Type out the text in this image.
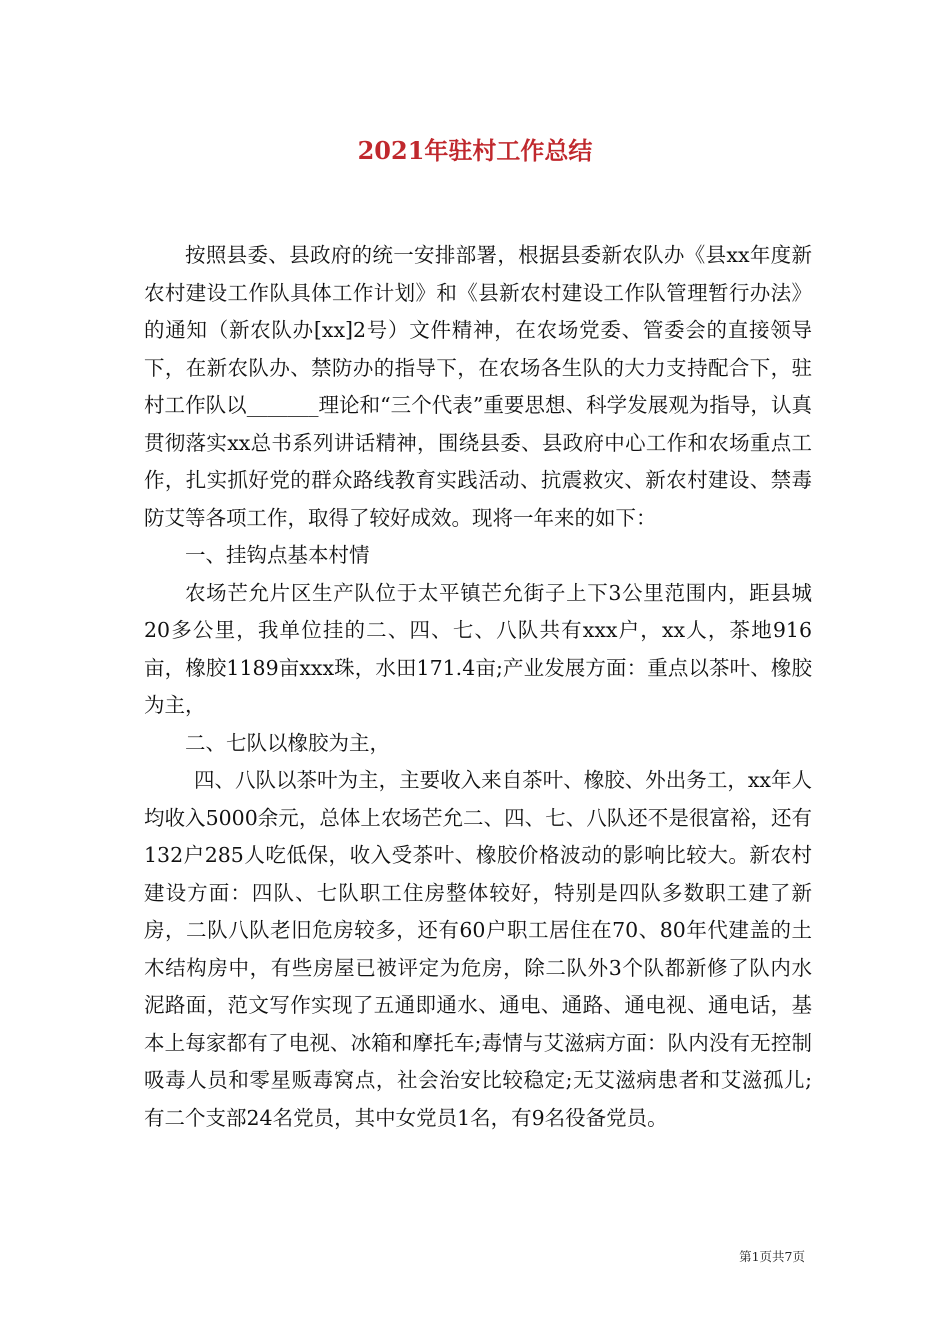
2021年驻村工作总结

按照县委、县政府的统一安排部署，根据县委新农队办《县xx年度新农村建设工作队具体工作计划》和《县新农村建设工作队管理暂行办法》的通知（新农队办[xx]2号）文件精神，在农场党委、管委会的直接领导下，在新农队办、禁防办的指导下，在农场各生队的大力支持配合下，驻村工作队以_______理论和“三个代表”重要思想、科学发展观为指导，认真贯彻落实xx总书系列讲话精神，围绕县委、县政府中心工作和农场重点工作，扎实抓好党的群众路线教育实践活动、抗震救灾、新农村建设、禁毒防艾等各项工作，取得了较好成效。现将一年来的如下：

一、挂钩点基本村情

农场芒允片区生产队位于太平镇芒允街子上下3公里范围内，距县城20多公里，我单位挂的二、四、七、八队共有xxx户，xx人，茶地916亩，橡胶1189亩xxx珠，水田171.4亩;产业发展方面：重点以茶叶、橡胶为主，

二、七队以橡胶为主，

四、八队以茶叶为主，主要收入来自茶叶、橡胶、外出务工，xx年人均收入5000余元，总体上农场芒允二、四、七、八队还不是很富裕，还有132户285人吃低保，收入受茶叶、橡胶价格波动的影响比较大。新农村建设方面：四队、七队职工住房整体较好，特别是四队多数职工建了新房，二队八队老旧危房较多，还有60户职工居住在70、80年代建盖的土木结构房中，有些房屋已被评定为危房，除二队外3个队都新修了队内水泥路面，范文写作实现了五通即通水、通电、通路、通电视、通电话，基本上每家都有了电视、冰箱和摩托车;毒情与艾滋病方面：队内没有无控制吸毒人员和零星贩毒窝点，社会治安比较稳定;无艾滋病患者和艾滋孤儿;有二个支部24名党员，其中女党员1名，有9名役备党员。

第1页共7页
